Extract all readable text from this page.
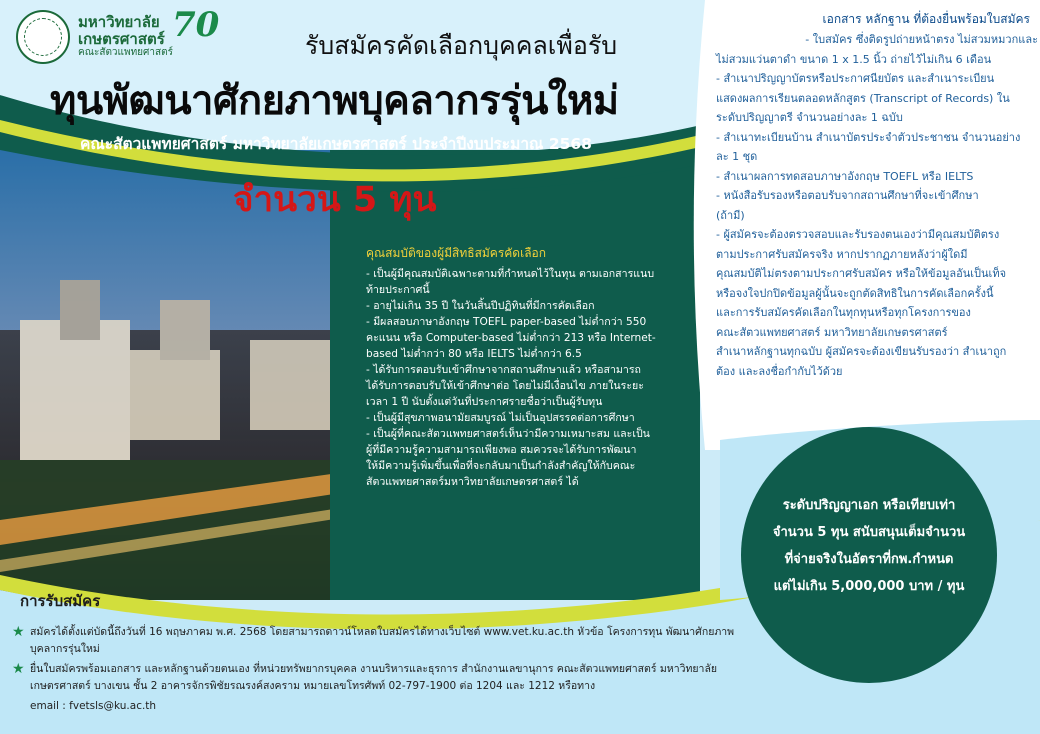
มหาวิทยาลัย
เกษตรศาสตร์
คณะสัตวแพทยศาสตร์
70
รับสมัครคัดเลือกบุคคลเพื่อรับ
ทุนพัฒนาศักยภาพบุคลากรรุ่นใหม่
คณะสัตวแพทยศาสตร์ มหาวิทยาลัยเกษตรศาสตร์ ประจำปีงบประมาณ 2568
จำนวน 5 ทุน
คุณสมบัติของผู้มีสิทธิสมัครคัดเลือก
- เป็นผู้มีคุณสมบัติเฉพาะตามที่กำหนดไว้ในทุน ตามเอกสารแนบ
ท้ายประกาศนี้
- อายุไม่เกิน 35 ปี ในวันสิ้นปีปฏิทินที่มีการคัดเลือก
- มีผลสอบภาษาอังกฤษ TOEFL paper-based ไม่ต่ำกว่า 550
คะแนน หรือ Computer-based ไม่ต่ำกว่า 213 หรือ Internet-
based ไม่ต่ำกว่า 80 หรือ IELTS ไม่ต่ำกว่า 6.5
- ได้รับการตอบรับเข้าศึกษาจากสถานศึกษาแล้ว หรือสามารถ
ได้รับการตอบรับให้เข้าศึกษาต่อ โดยไม่มีเงื่อนไข ภายในระยะ
เวลา 1 ปี นับตั้งแต่วันที่ประกาศรายชื่อว่าเป็นผู้รับทุน
- เป็นผู้มีสุขภาพอนามัยสมบูรณ์ ไม่เป็นอุปสรรคต่อการศึกษา
- เป็นผู้ที่คณะสัตวแพทยศาสตร์เห็นว่ามีความเหมาะสม และเป็น
ผู้ที่มีความรู้ความสามารถเพียงพอ สมควรจะได้รับการพัฒนา
ให้มีความรู้เพิ่มขึ้นเพื่อที่จะกลับมาเป็นกำลังสำคัญให้กับคณะ
สัตวแพทยศาสตร์มหาวิทยาลัยเกษตรศาสตร์ ได้
เอกสาร หลักฐาน ที่ต้องยื่นพร้อมใบสมัคร
- ใบสมัคร ซึ่งติดรูปถ่ายหน้าตรง ไม่สวมหมวกและ
ไม่สวมแว่นตาดำ ขนาด 1 x 1.5 นิ้ว ถ่ายไว้ไม่เกิน 6 เดือน
- สำเนาปริญญาบัตรหรือประกาศนียบัตร และสำเนาระเบียน
แสดงผลการเรียนตลอดหลักสูตร (Transcript of Records) ใน
ระดับปริญญาตรี จำนวนอย่างละ 1 ฉบับ
- สำเนาทะเบียนบ้าน สำเนาบัตรประจำตัวประชาชน จำนวนอย่าง
ละ 1 ชุด
- สำเนาผลการทดสอบภาษาอังกฤษ TOEFL หรือ IELTS
- หนังสือรับรองหรือตอบรับจากสถานศึกษาที่จะเข้าศึกษา
(ถ้ามี)
- ผู้สมัครจะต้องตรวจสอบและรับรองตนเองว่ามีคุณสมบัติตรง
ตามประกาศรับสมัครจริง หากปรากฏภายหลังว่าผู้ใดมี
คุณสมบัติไม่ตรงตามประกาศรับสมัคร หรือให้ข้อมูลอันเป็นเท็จ
หรือจงใจปกปิดข้อมูลผู้นั้นจะถูกตัดสิทธิในการคัดเลือกครั้งนี้
และการรับสมัครคัดเลือกในทุกทุนหรือทุกโครงการของ
คณะสัตวแพทยศาสตร์ มหาวิทยาลัยเกษตรศาสตร์
สำเนาหลักฐานทุกฉบับ ผู้สมัครจะต้องเขียนรับรองว่า สำเนาถูก
ต้อง และลงชื่อกำกับไว้ด้วย
ระดับปริญญาเอก หรือเทียบเท่า
จำนวน 5 ทุน สนับสนุนเต็มจำนวน
ที่จ่ายจริงในอัตราที่กพ.กำหนด
แต่ไม่เกิน 5,000,000 บาท / ทุน
การรับสมัคร
★ สมัครได้ตั้งแต่บัดนี้ถึงวันที่ 16 พฤษภาคม พ.ศ. 2568 โดยสามารถดาวน์โหลดใบสมัครได้ทางเว็บไซต์ www.vet.ku.ac.th หัวข้อ โครงการทุน พัฒนาศักยภาพบุคลากรรุ่นใหม่
★ ยื่นใบสมัครพร้อมเอกสาร และหลักฐานด้วยตนเอง ที่หน่วยทรัพยากรบุคคล งานบริหารและธุรการ สำนักงานเลขานุการ คณะสัตวแพทยศาสตร์ มหาวิทยาลัยเกษตรศาสตร์ บางเขน ชั้น 2 อาคารจักรพิชัยรณรงค์สงคราม หมายเลขโทรศัพท์ 02-797-1900 ต่อ 1204 และ 1212 หรือทาง
email : fvetsls@ku.ac.th
